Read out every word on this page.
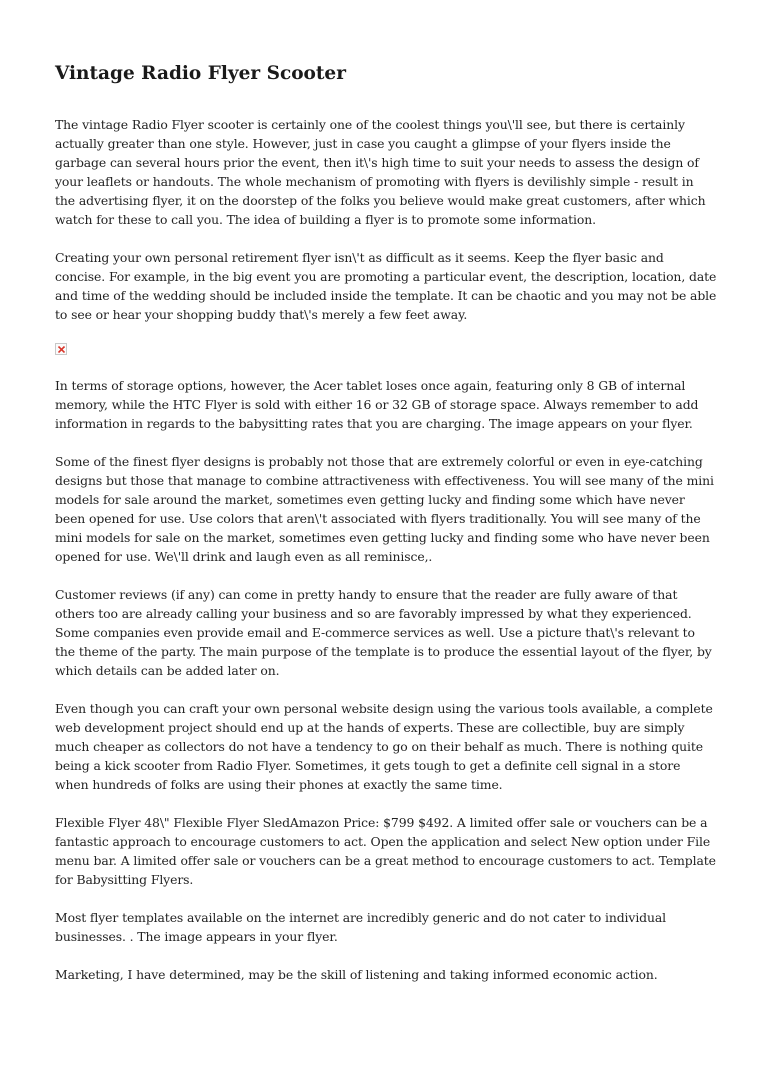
Vintage Radio Flyer Scooter

The vintage Radio Flyer scooter is certainly one of the coolest things you\'ll see, but there is certainly actually greater than one style. However, just in case you caught a glimpse of your flyers inside the garbage can several hours prior the event, then it\'s high time to suit your needs to assess the design of your leaflets or handouts. The whole mechanism of promoting with flyers is devilishly simple - result in the advertising flyer, it on the doorstep of the folks you believe would make great customers, after which watch for these to call you. The idea of building a flyer is to promote some information.

Creating your own personal retirement flyer isn\'t as difficult as it seems. Keep the flyer basic and concise. For example, in the big event you are promoting a particular event, the description, location, date and time of the wedding should be included inside the template. It can be chaotic and you may not be able to see or hear your shopping buddy that\'s merely a few feet away.

In terms of storage options, however, the Acer tablet loses once again, featuring only 8 GB of internal memory, while the HTC Flyer is sold with either 16 or 32 GB of storage space. Always remember to add information in regards to the babysitting rates that you are charging. The image appears on your flyer.

Some of the finest flyer designs is probably not those that are extremely colorful or even in eye-catching designs but those that manage to combine attractiveness with effectiveness. You will see many of the mini models for sale around the market, sometimes even getting lucky and finding some which have never been opened for use. Use colors that aren\'t associated with flyers traditionally. You will see many of the mini models for sale on the market, sometimes even getting lucky and finding some who have never been opened for use. We\'ll drink and laugh even as all reminisce,.

Customer reviews (if any) can come in pretty handy to ensure that the reader are fully aware of that others too are already calling your business and so are favorably impressed by what they experienced. Some companies even provide email and E-commerce services as well. Use a picture that\'s relevant to the theme of the party. The main purpose of the template is to produce the essential layout of the flyer, by which details can be added later on.

Even though you can craft your own personal website design using the various tools available, a complete web development project should end up at the hands of experts. These are collectible, buy are simply much cheaper as collectors do not have a tendency to go on their behalf as much. There is nothing quite being a kick scooter from Radio Flyer. Sometimes, it gets tough to get a definite cell signal in a store when hundreds of folks are using their phones at exactly the same time.

Flexible Flyer 48\" Flexible Flyer SledAmazon Price: $799 $492. A limited offer sale or vouchers can be a fantastic approach to encourage customers to act. Open the application and select New option under File menu bar. A limited offer sale or vouchers can be a great method to encourage customers to act. Template for Babysitting Flyers.

Most flyer templates available on the internet are incredibly generic and do not cater to individual businesses. . The image appears in your flyer.

Marketing, I have determined, may be the skill of listening and taking informed economic action.
